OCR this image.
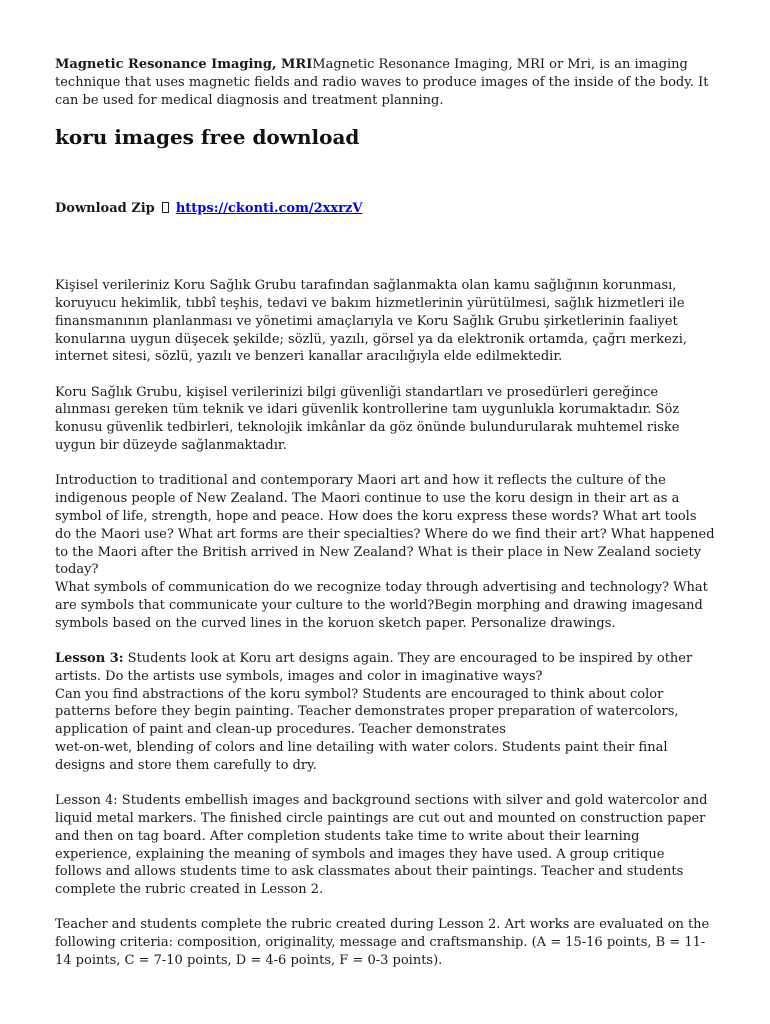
Magnetic Resonance Imaging, MRIMagnetic Resonance Imaging, MRI or Mri, is an imaging technique that uses magnetic fields and radio waves to produce images of the inside of the body. It can be used for medical diagnosis and treatment planning.

koru images free download

Download Zip https://ckonti.com/2xxrzV

Kişisel verileriniz Koru Sağlık Grubu tarafından sağlanmakta olan kamu sağlığının korunması, koruyucu hekimlik, tıbbî teşhis, tedavi ve bakım hizmetlerinin yürütülmesi, sağlık hizmetleri ile finansmanının planlanması ve yönetimi amaçlarıyla ve Koru Sağlık Grubu şirketlerinin faaliyet konularına uygun düşecek şekilde; sözlü, yazılı, görsel ya da elektronik ortamda, çağrı merkezi, internet sitesi, sözlü, yazılı ve benzeri kanallar aracılığıyla elde edilmektedir.

Koru Sağlık Grubu, kişisel verilerinizi bilgi güvenliği standartları ve prosedürleri gereğince alınması gereken tüm teknik ve idari güvenlik kontrollerine tam uygunlukla korumaktadır. Söz konusu güvenlik tedbirleri, teknolojik imkânlar da göz önünde bulundurularak muhtemel riske uygun bir düzeyde sağlanmaktadır.

Introduction to traditional and contemporary Maori art and how it reflects the culture of the indigenous people of New Zealand. The Maori continue to use the koru design in their art as a symbol of life, strength, hope and peace. How does the koru express these words? What art tools do the Maori use? What art forms are their specialties? Where do we find their art? What happened to the Maori after the British arrived in New Zealand? What is their place in New Zealand society today?

What symbols of communication do we recognize today through advertising and technology? What are symbols that communicate your culture to the world?Begin morphing and drawing imagesand symbols based on the curved lines in the koruon sketch paper. Personalize drawings.

Lesson 3: Students look at Koru art designs again. They are encouraged to be inspired by other artists. Do the artists use symbols, images and color in imaginative ways?

Can you find abstractions of the koru symbol? Students are encouraged to think about color patterns before they begin painting. Teacher demonstrates proper preparation of watercolors, application of paint and clean-up procedures. Teacher demonstrates

wet-on-wet, blending of colors and line detailing with water colors. Students paint their final designs and store them carefully to dry.

Lesson 4: Students embellish images and background sections with silver and gold watercolor and liquid metal markers. The finished circle paintings are cut out and mounted on construction paper and then on tag board. After completion students take time to write about their learning experience, explaining the meaning of symbols and images they have used. A group critique follows and allows students time to ask classmates about their paintings. Teacher and students complete the rubric created in Lesson 2.

Teacher and students complete the rubric created during Lesson 2. Art works are evaluated on the following criteria: composition, originality, message and craftsmanship. (A = 15-16 points, B = 11-14 points, C = 7-10 points, D = 4-6 points, F = 0-3 points).
